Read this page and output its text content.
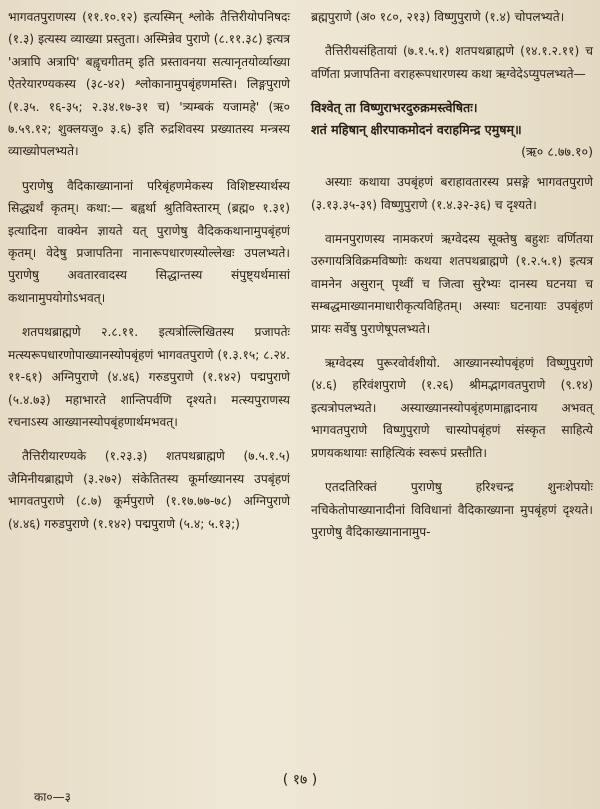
भागवतपुराणस्य (११.१०.१२) इत्यस्मिन् श्लोके तैत्तिरीयोपनिषदः (१.३) इत्यस्य व्याख्या प्रस्तुता। अस्मिन्नेव पुराणे (८.११.३८) इत्यत्र 'अत्रापि अत्रापि' बह्वृचगीतम् इति प्रस्तावनया सत्यानृतयोर्व्याख्या ऐतरेयारण्यकस्य (३८-४२) श्लोकानामुपबृंहणमस्ति। लिङ्गपुराणे (१.३५. १६-३५; २.३४.१७-३१ च) 'त्र्यम्बकं यजामहे' (ऋ० ७.५९.१२; शुक्लयजु० ३.६) इति रुद्रशिवस्य प्रख्यातस्य मन्त्रस्य व्याख्योपलभ्यते।

पुराणेषु वैदिकाख्यानानां परिबृंहणमेकस्य विशिष्टस्यार्थस्य सिद्ध्यर्थं कृतम्। कथा:— बह्वर्था श्रुतिविस्तारम् (ब्रह्म० १.३१) इत्यादिना वाक्येन ज्ञायते यत् पुराणेषु वैदिककथानामुपबृंहणं कृतम्। वेदेषु प्रजापतिना नानारूपधारणस्योल्लेखः उपलभ्यते। पुराणेषु अवतारवादस्य सिद्धान्तस्य संपुष्ट्यर्थमासां कथानामुपयोगोऽभवत्।

शतपथब्राह्मणे २.८.११. इत्यत्रोल्लिखितस्य प्रजापतेः मत्स्यरूपधारणोपाख्यानस्योपबृंहणं भागवतपुराणे (१.३.१५; ८.२४. ११-६१) अग्निपुराणे (४.४६) गरुडपुराणे (१.१४२) पद्मपुराणे (५.४.७३) महाभारते शान्तिपर्वणि दृश्यते। मत्स्यपुराणस्य रचनाऽस्य आख्यानस्योपबृंहणार्थमभवत्।

तैत्तिरीयारण्यके (१.२३.३) शतपथब्राह्मणे (७.५.१.५) जैमिनीयब्राह्मणे (३.२७२) संकेतितस्य कूर्माख्यानस्य उपबृंहणं भागवतपुराणे (८.७) कूर्मपुराणे (१.१७.७७-७८) अग्निपुराणे (४.४६) गरुडपुराणे (१.१४२) पद्मपुराणे (५.४; ५.१३;)

ब्रह्मपुराणे (अ० १८०, २१३) विष्णुपुराणे (१.४) चोपलभ्यते।

तैत्तिरीयसंहितायां (७.१.५.१) शतपथब्राह्मणे (१४.१.२.११) च वर्णिता प्रजापतिना वराहरूपधारणस्य कथा ऋग्वेदेऽप्युपलभ्यते—

विश्वेत् ता विष्णुराभरदुरुक्रमस्त्वेषितः।
शतं महिषान् क्षीरपाकमोदनं वराहमिन्द्र एमुषम्॥
(ऋ० ८.७७.१०)

अस्याः कथाया उपबृंहणं बराहावतारस्य प्रसङ्गे भागवतपुराणे (३.१३.३५-३९) विष्णुपुराणे (१.४.३२-३६) च दृश्यते।

वामनपुराणस्य नामकरणं ऋग्वेदस्य सूक्तेषु बहुशः वर्णितया उरुगायत्रिविक्रमविष्णोः कथया शतपथब्राह्मणे (१.२.५.१) इत्यत्र वामनेन असुरान् पृथ्वीं च जित्वा सुरेभ्यः दानस्य घटनया च सम्बद्धमाख्यानमाधारीकृत्यविहितम्। अस्याः घटनायाः उपबृंहणं प्रायः सर्वेषु पुराणेषूपलभ्यते।

ऋग्वेदस्य पुरूरवोर्वशीयो. आख्यानस्योपबृंहणं विष्णुपुराणे (४.६) हरिवंशपुराणे (१.२६) श्रीमद्भागवतपुराणे (९.१४) इत्यत्रोपलभ्यते। अस्याख्यानस्योपबृंहणमाह्लादनाय अभवत् भागवतपुराणे विष्णुपुराणे चास्योपबृंहणं संस्कृत साहित्ये प्रणयकथायाः साहित्यिकं स्वरूपं प्रस्तौति।

एतदतिरिक्तं पुराणेषु हरिश्चन्द्र शुनःशेपयोः नचिकेतोपाख्यानादीनां विविधानां वैदिकाख्याना मुपबृंहणं दृश्यते। पुराणेषु वैदिकाख्यानानामुप-

( १७ )
का०—३
